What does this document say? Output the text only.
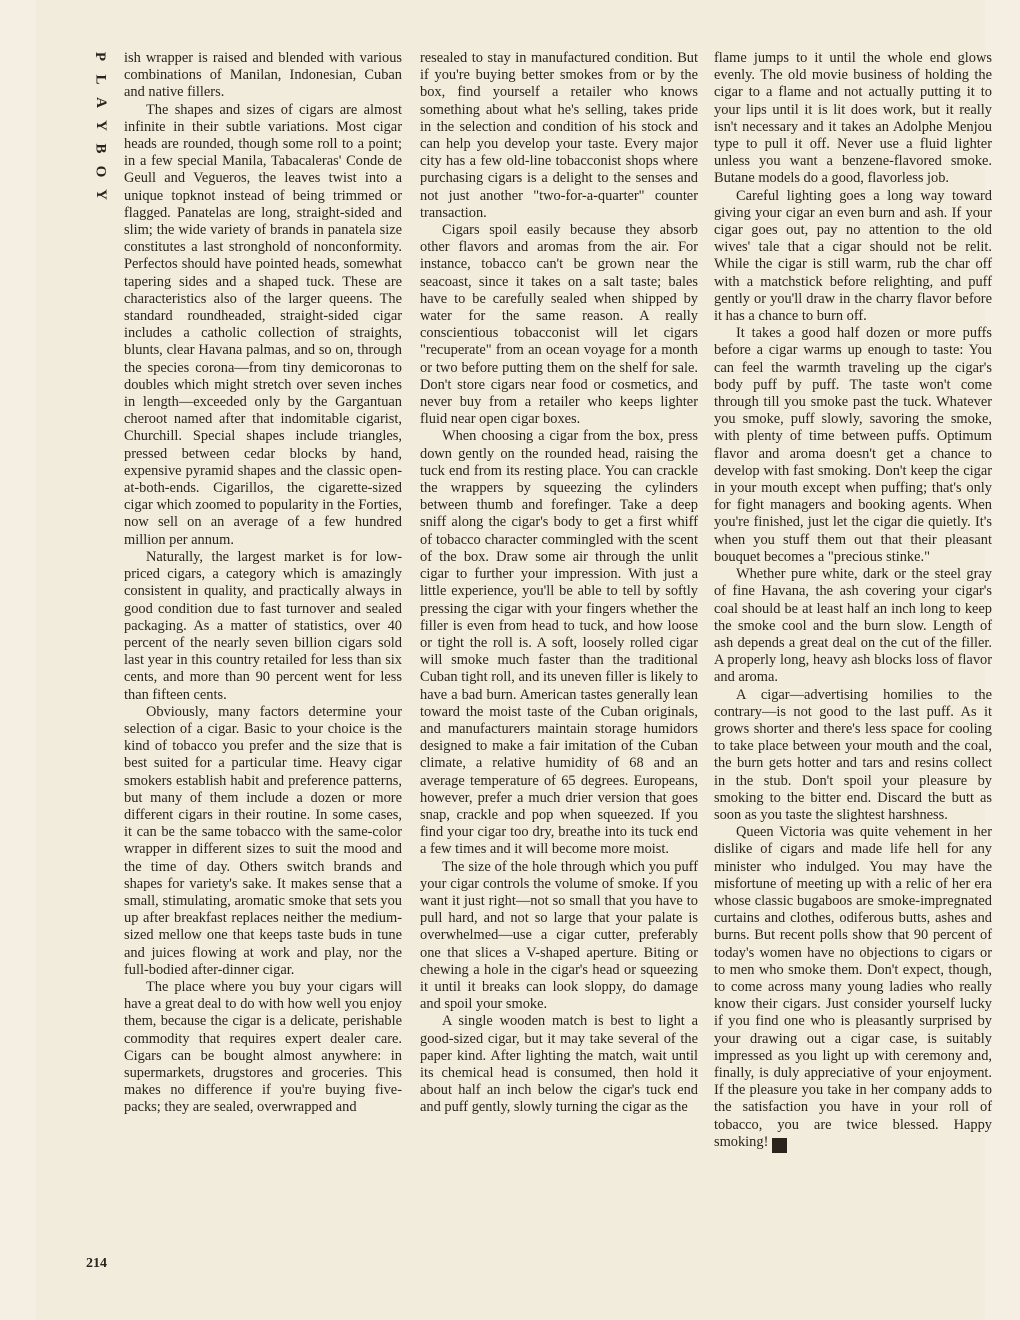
P
L
A
Y
B
O
Y

ish wrapper is raised and blended with various combinations of Manilan, Indonesian, Cuban and native fillers.

The shapes and sizes of cigars are almost infinite in their subtle variations. Most cigar heads are rounded, though some roll to a point; in a few special Manila, Tabacaleras' Conde de Geull and Vegueros, the leaves twist into a unique topknot instead of being trimmed or flagged. Panatelas are long, straight-sided and slim; the wide variety of brands in panatela size constitutes a last stronghold of nonconformity. Perfectos should have pointed heads, somewhat tapering sides and a shaped tuck. These are characteristics also of the larger queens. The standard roundheaded, straight-sided cigar includes a catholic collection of straights, blunts, clear Havana palmas, and so on, through the species corona—from tiny demicoronas to doubles which might stretch over seven inches in length—exceeded only by the Gargantuan cheroot named after that indomitable cigarist, Churchill. Special shapes include triangles, pressed between cedar blocks by hand, expensive pyramid shapes and the classic open-at-both-ends. Cigarillos, the cigarette-sized cigar which zoomed to popularity in the Forties, now sell on an average of a few hundred million per annum.

Naturally, the largest market is for low-priced cigars, a category which is amazingly consistent in quality, and practically always in good condition due to fast turnover and sealed packaging. As a matter of statistics, over 40 percent of the nearly seven billion cigars sold last year in this country retailed for less than six cents, and more than 90 percent went for less than fifteen cents.

Obviously, many factors determine your selection of a cigar. Basic to your choice is the kind of tobacco you prefer and the size that is best suited for a particular time. Heavy cigar smokers establish habit and preference patterns, but many of them include a dozen or more different cigars in their routine. In some cases, it can be the same tobacco with the same-color wrapper in different sizes to suit the mood and the time of day. Others switch brands and shapes for variety's sake. It makes sense that a small, stimulating, aromatic smoke that sets you up after breakfast replaces neither the medium-sized mellow one that keeps taste buds in tune and juices flowing at work and play, nor the full-bodied after-dinner cigar.

The place where you buy your cigars will have a great deal to do with how well you enjoy them, because the cigar is a delicate, perishable commodity that requires expert dealer care. Cigars can be bought almost anywhere: in supermarkets, drugstores and groceries. This makes no difference if you're buying five-packs; they are sealed, overwrapped and

resealed to stay in manufactured condition. But if you're buying better smokes from or by the box, find yourself a retailer who knows something about what he's selling, takes pride in the selection and condition of his stock and can help you develop your taste. Every major city has a few old-line tobacconist shops where purchasing cigars is a delight to the senses and not just another "two-for-a-quarter" counter transaction.

Cigars spoil easily because they absorb other flavors and aromas from the air. For instance, tobacco can't be grown near the seacoast, since it takes on a salt taste; bales have to be carefully sealed when shipped by water for the same reason. A really conscientious tobacconist will let cigars "recuperate" from an ocean voyage for a month or two before putting them on the shelf for sale. Don't store cigars near food or cosmetics, and never buy from a retailer who keeps lighter fluid near open cigar boxes.

When choosing a cigar from the box, press down gently on the rounded head, raising the tuck end from its resting place. You can crackle the wrappers by squeezing the cylinders between thumb and forefinger. Take a deep sniff along the cigar's body to get a first whiff of tobacco character commingled with the scent of the box. Draw some air through the unlit cigar to further your impression. With just a little experience, you'll be able to tell by softly pressing the cigar with your fingers whether the filler is even from head to tuck, and how loose or tight the roll is. A soft, loosely rolled cigar will smoke much faster than the traditional Cuban tight roll, and its uneven filler is likely to have a bad burn. American tastes generally lean toward the moist taste of the Cuban originals, and manufacturers maintain storage humidors designed to make a fair imitation of the Cuban climate, a relative humidity of 68 and an average temperature of 65 degrees. Europeans, however, prefer a much drier version that goes snap, crackle and pop when squeezed. If you find your cigar too dry, breathe into its tuck end a few times and it will become more moist.

The size of the hole through which you puff your cigar controls the volume of smoke. If you want it just right—not so small that you have to pull hard, and not so large that your palate is overwhelmed—use a cigar cutter, preferably one that slices a V-shaped aperture. Biting or chewing a hole in the cigar's head or squeezing it until it breaks can look sloppy, do damage and spoil your smoke.

A single wooden match is best to light a good-sized cigar, but it may take several of the paper kind. After lighting the match, wait until its chemical head is consumed, then hold it about half an inch below the cigar's tuck end and puff gently, slowly turning the cigar as the

flame jumps to it until the whole end glows evenly. The old movie business of holding the cigar to a flame and not actually putting it to your lips until it is lit does work, but it really isn't necessary and it takes an Adolphe Menjou type to pull it off. Never use a fluid lighter unless you want a benzene-flavored smoke. Butane models do a good, flavorless job.

Careful lighting goes a long way toward giving your cigar an even burn and ash. If your cigar goes out, pay no attention to the old wives' tale that a cigar should not be relit. While the cigar is still warm, rub the char off with a matchstick before relighting, and puff gently or you'll draw in the charry flavor before it has a chance to burn off.

It takes a good half dozen or more puffs before a cigar warms up enough to taste: You can feel the warmth traveling up the cigar's body puff by puff. The taste won't come through till you smoke past the tuck. Whatever you smoke, puff slowly, savoring the smoke, with plenty of time between puffs. Optimum flavor and aroma doesn't get a chance to develop with fast smoking. Don't keep the cigar in your mouth except when puffing; that's only for fight managers and booking agents. When you're finished, just let the cigar die quietly. It's when you stuff them out that their pleasant bouquet becomes a "precious stinke."

Whether pure white, dark or the steel gray of fine Havana, the ash covering your cigar's coal should be at least half an inch long to keep the smoke cool and the burn slow. Length of ash depends a great deal on the cut of the filler. A properly long, heavy ash blocks loss of flavor and aroma.

A cigar—advertising homilies to the contrary—is not good to the last puff. As it grows shorter and there's less space for cooling to take place between your mouth and the coal, the burn gets hotter and tars and resins collect in the stub. Don't spoil your pleasure by smoking to the bitter end. Discard the butt as soon as you taste the slightest harshness.

Queen Victoria was quite vehement in her dislike of cigars and made life hell for any minister who indulged. You may have the misfortune of meeting up with a relic of her era whose classic bugaboos are smoke-impregnated curtains and clothes, odiferous butts, ashes and burns. But recent polls show that 90 percent of today's women have no objections to cigars or to men who smoke them. Don't expect, though, to come across many young ladies who really know their cigars. Just consider yourself lucky if you find one who is pleasantly surprised by your drawing out a cigar case, is suitably impressed as you light up with ceremony and, finally, is duly appreciative of your enjoyment. If the pleasure you take in her company adds to the satisfaction you have in your roll of tobacco, you are twice blessed. Happy smoking!	♦

214
